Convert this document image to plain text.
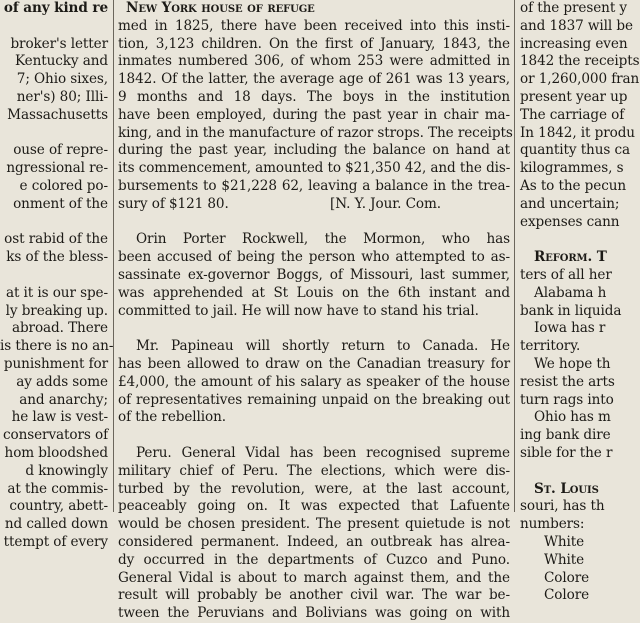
of any kind re
broker's letter
Kentucky and
7; Ohio sixes,
ner's) 80; Illi-
Massachusetts
ouse of repre-
ngressional re-
e colored po-
onment of the
ost rabid of the
ks of the bless-
at it is our spe-
ly breaking up.
abroad. There
is there is no an-
punishment for
ay adds some
and anarchy;
he law is vest-
conservators of
hom bloodshed
d knowingly
at the commis-
country, abett-
nd called down
ttempt of every
New York house of refuge
med in 1825, there have been received into this insti-
tion, 3,123 children. On the first of January, 1843, the
inmates numbered 306, of whom 253 were admitted in
1842. Of the latter, the average age of 261 was 13 years,
9 months and 18 days. The boys in the institution
have been employed, during the past year in chair ma-
king, and in the manufacture of razor strops. The receipts
during the past year, including the balance on hand at
its commencement, amounted to $21,350 42, and the dis-
bursements to $21,228 62, leaving a balance in the trea-
sury of $121 80.                        [N. Y. Jour. Com.
Orin Porter Rockwell, the Mormon, who has
been accused of being the person who attempted to as-
sassinate ex-governor Boggs, of Missouri, last summer,
was apprehended at St Louis on the 6th instant and
committed to jail. He will now have to stand his trial.
Mr. Papineau will shortly return to Canada. He
has been allowed to draw on the Canadian treasury for
£4,000, the amount of his salary as speaker of the house
of representatives remaining unpaid on the breaking out
of the rebellion.
Peru. General Vidal has been recognised supreme
military chief of Peru. The elections, which were dis-
turbed by the revolution, were, at the last account,
peaceably going on. It was expected that Lafuente
would be chosen president. The present quietude is not
considered permanent. Indeed, an outbreak has alrea-
dy occurred in the departments of Cuzco and Puno.
General Vidal is about to march against them, and the
result will probably be another civil war. The war be-
tween the Peruvians and Bolivians was going on with
of the present y
and 1837 will be
increasing even
1842 the receipts
or 1,260,000 fran
present year up
The carriage of
In 1842, it produ
quantity thus ca
kilogrammes, s
As to the pecun
and uncertain;
expenses cann
Reform. T
ters of all her
Alabama h
bank in liquida
Iowa has r
territory.
We hope th
resist the arts
turn rags into
Ohio has m
ing bank dire
sible for the r
St. Louis
souri, has th
numbers:
White
White
Colore
Colore
